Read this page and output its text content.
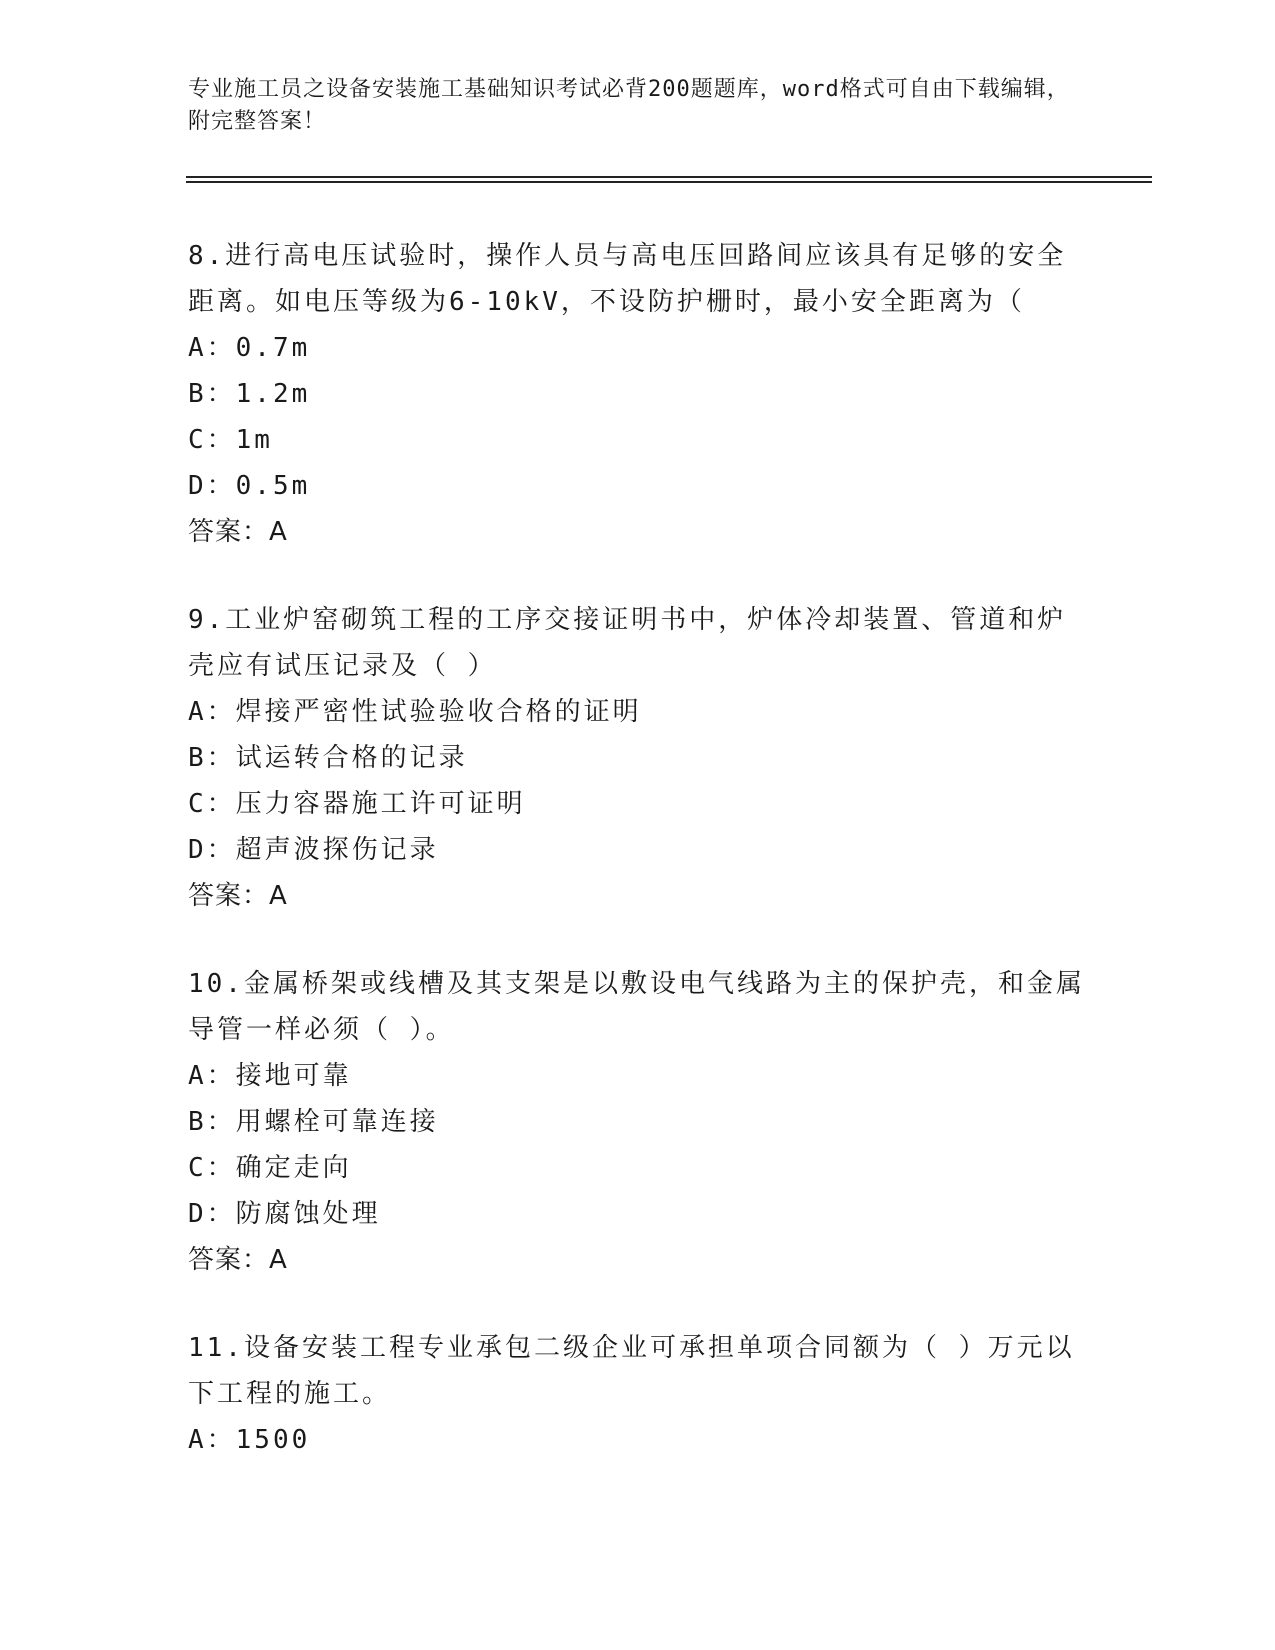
专业施工员之设备安装施工基础知识考试必背200题题库，word格式可自由下载编辑，附完整答案！

8.进行高电压试验时，操作人员与高电压回路间应该具有足够的安全距离。如电压等级为6-10kV，不设防护栅时，最小安全距离为（

A：0.7m

B：1.2m

C：1m

D：0.5m

答案：A

9.工业炉窑砌筑工程的工序交接证明书中，炉体冷却装置、管道和炉壳应有试压记录及（ ）

A：焊接严密性试验验收合格的证明

B：试运转合格的记录

C：压力容器施工许可证明

D：超声波探伤记录

答案：A

10.金属桥架或线槽及其支架是以敷设电气线路为主的保护壳，和金属导管一样必须（ ）。

A：接地可靠

B：用螺栓可靠连接

C：确定走向

D：防腐蚀处理

答案：A

11.设备安装工程专业承包二级企业可承担单项合同额为（ ）万元以下工程的施工。

A：1500
